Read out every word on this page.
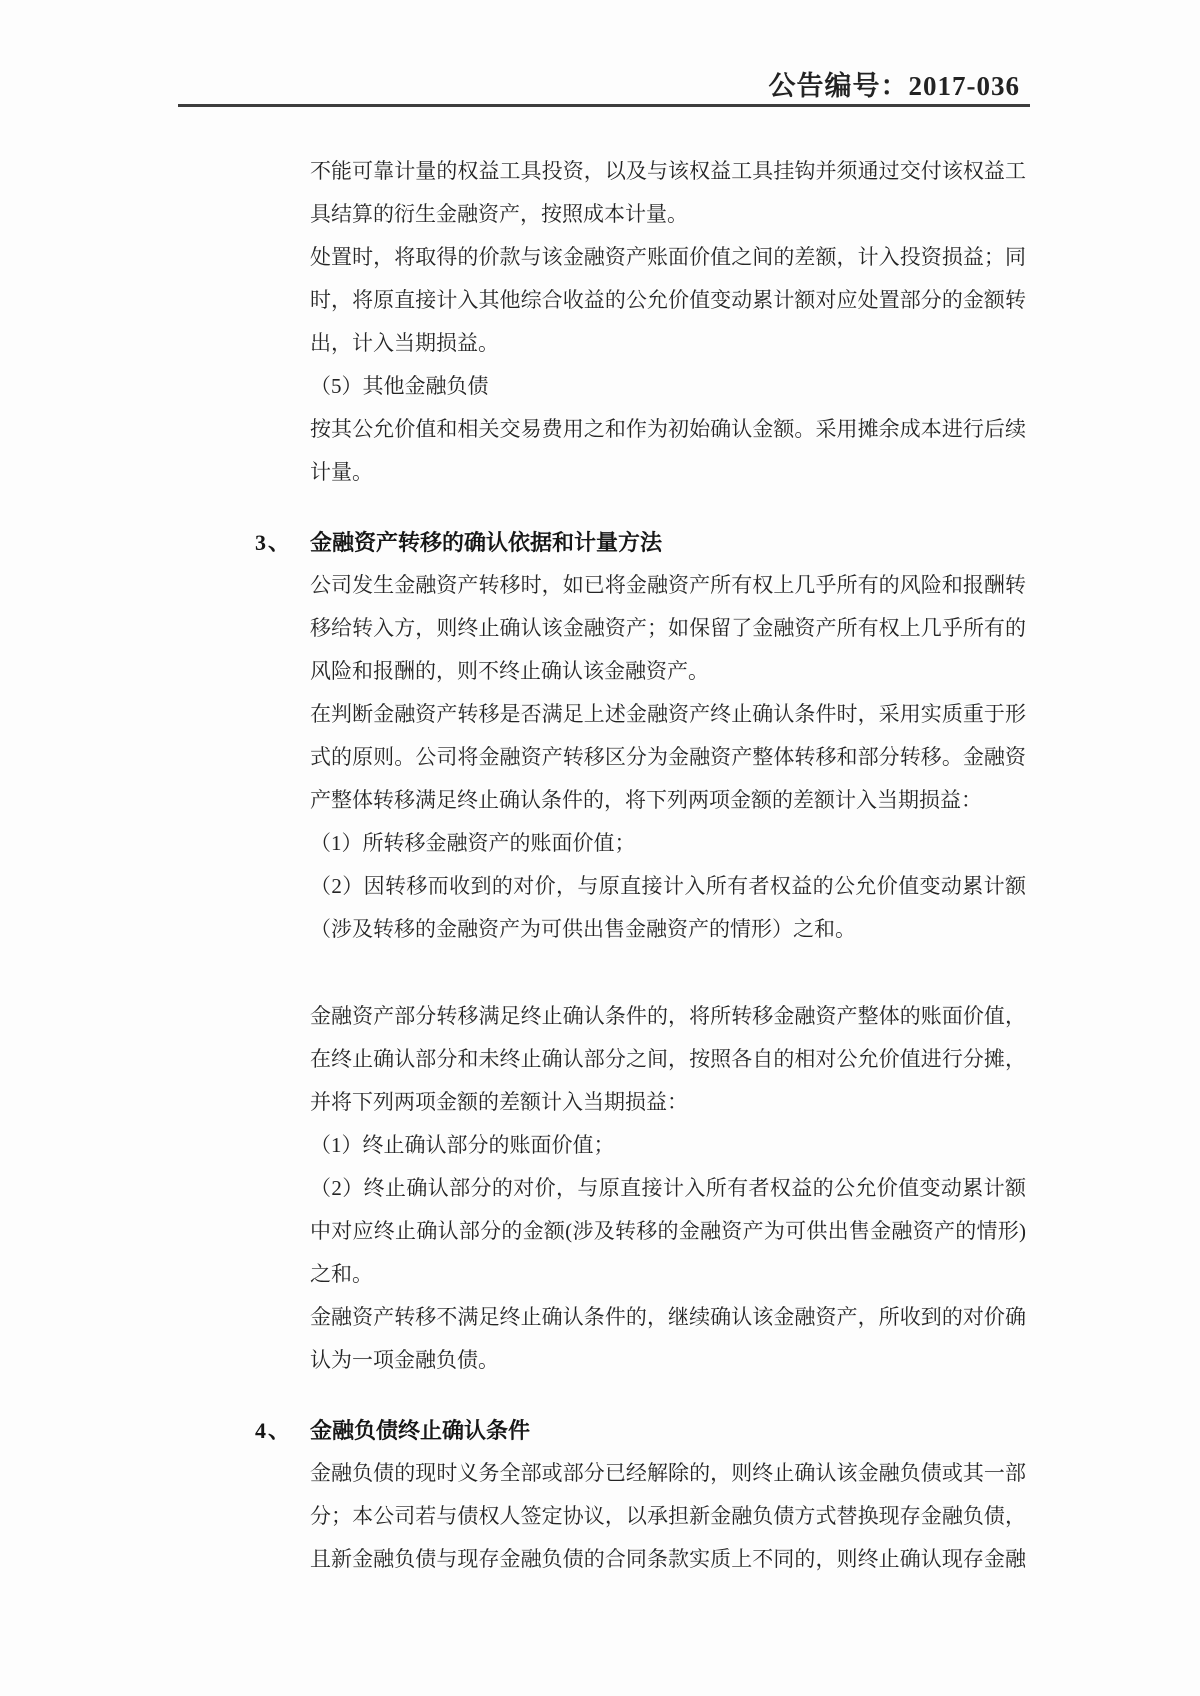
公告编号：2017-036
不能可靠计量的权益工具投资，以及与该权益工具挂钩并须通过交付该权益工
具结算的衍生金融资产，按照成本计量。
处置时，将取得的价款与该金融资产账面价值之间的差额，计入投资损益；同
时，将原直接计入其他综合收益的公允价值变动累计额对应处置部分的金额转
出，计入当期损益。
（5）其他金融负债
按其公允价值和相关交易费用之和作为初始确认金额。采用摊余成本进行后续
计量。
3、 金融资产转移的确认依据和计量方法
公司发生金融资产转移时，如已将金融资产所有权上几乎所有的风险和报酬转
移给转入方，则终止确认该金融资产；如保留了金融资产所有权上几乎所有的
风险和报酬的，则不终止确认该金融资产。
在判断金融资产转移是否满足上述金融资产终止确认条件时，采用实质重于形
式的原则。公司将金融资产转移区分为金融资产整体转移和部分转移。金融资
产整体转移满足终止确认条件的，将下列两项金额的差额计入当期损益：
（1）所转移金融资产的账面价值；
（2）因转移而收到的对价，与原直接计入所有者权益的公允价值变动累计额
（涉及转移的金融资产为可供出售金融资产的情形）之和。
金融资产部分转移满足终止确认条件的，将所转移金融资产整体的账面价值，
在终止确认部分和未终止确认部分之间，按照各自的相对公允价值进行分摊，
并将下列两项金额的差额计入当期损益：
（1）终止确认部分的账面价值；
（2）终止确认部分的对价，与原直接计入所有者权益的公允价值变动累计额
中对应终止确认部分的金额(涉及转移的金融资产为可供出售金融资产的情形)
之和。
金融资产转移不满足终止确认条件的，继续确认该金融资产，所收到的对价确
认为一项金融负债。
4、 金融负债终止确认条件
金融负债的现时义务全部或部分已经解除的，则终止确认该金融负债或其一部
分；本公司若与债权人签定协议，以承担新金融负债方式替换现存金融负债，
且新金融负债与现存金融负债的合同条款实质上不同的，则终止确认现存金融
